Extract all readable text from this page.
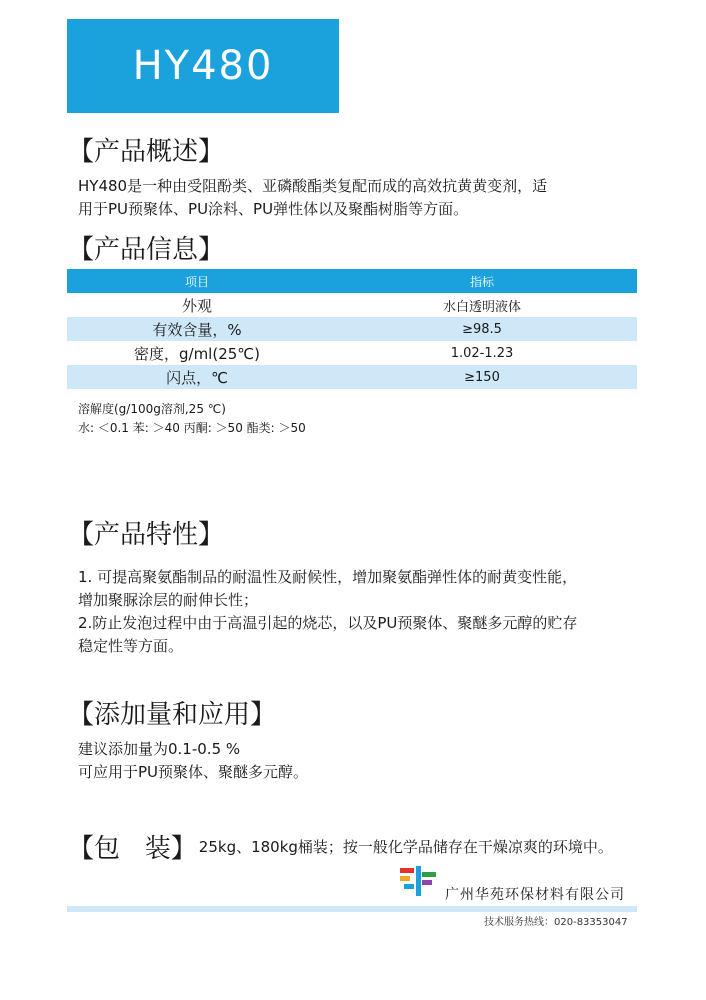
HY480
【产品概述】
HY480是一种由受阻酚类、亚磷酸酯类复配而成的高效抗黄黄变剂，适
用于PU预聚体、PU涂料、PU弹性体以及聚酯树脂等方面。
【产品信息】
项目	指标
外观	水白透明液体
有效含量，%	≥98.5
密度，g/ml(25℃)	1.02-1.23
闪点，℃	≥150
溶解度(g/100g溶剂,25 ℃)
水: ＜0.1 苯: ＞40 丙酮: ＞50 酯类: ＞50
【产品特性】
1. 可提高聚氨酯制品的耐温性及耐候性，增加聚氨酯弹性体的耐黄变性能，
增加聚脲涂层的耐伸长性；
2.防止发泡过程中由于高温引起的烧芯，以及PU预聚体、聚醚多元醇的贮存
稳定性等方面。
【添加量和应用】
建议添加量为0.1-0.5 %
可应用于PU预聚体、聚醚多元醇。
【包   装】 25kg、180kg桶装；按一般化学品储存在干燥凉爽的环境中。
广州华苑环保材料有限公司
技术服务热线：020-83353047
